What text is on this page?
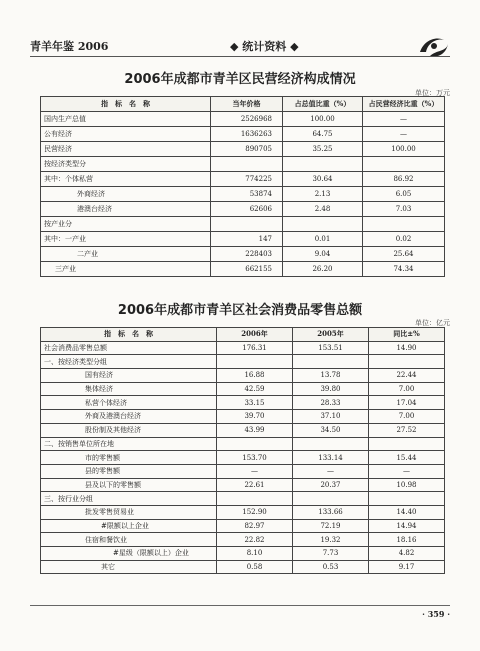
青羊年鉴 2006	◆ 统计资料 ◆
2006年成都市青羊区民营经济构成情况
单位：万元
指　标　名　称	当年价格	占总值比重（%）	占民营经济比重（%）
国内生产总值	2526968	100.00	—
公有经济	1636263	64.75	—
民营经济	890705	35.25	100.00
按经济类型分			
其中：个体私营	774225	30.64	86.92
外商经济	53874	2.13	6.05
港澳台经济	62606	2.48	7.03
按产业分			
其中：一产业	147	0.01	0.02
二产业	228403	9.04	25.64
三产业	662155	26.20	74.34
2006年成都市青羊区社会消费品零售总额
单位：亿元
指　标　名　称	2006年	2005年	同比±%
社会消费品零售总额	176.31	153.51	14.90
一、按经济类型分组			
国有经济	16.88	13.78	22.44
集体经济	42.59	39.80	7.00
私营个体经济	33.15	28.33	17.04
外商及港澳台经济	39.70	37.10	7.00
股份制及其他经济	43.99	34.50	27.52
二、按销售单位所在地			
市的零售额	153.70	133.14	15.44
县的零售额	—	—	—
县及以下的零售额	22.61	20.37	10.98
三、按行业分组			
批发零售贸易业	152.90	133.66	14.40
#限额以上企业	82.97	72.19	14.94
住宿和餐饮业	22.82	19.32	18.16
#星级（限额以上）企业	8.10	7.73	4.82
其它	0.58	0.53	9.17
· 359 ·
